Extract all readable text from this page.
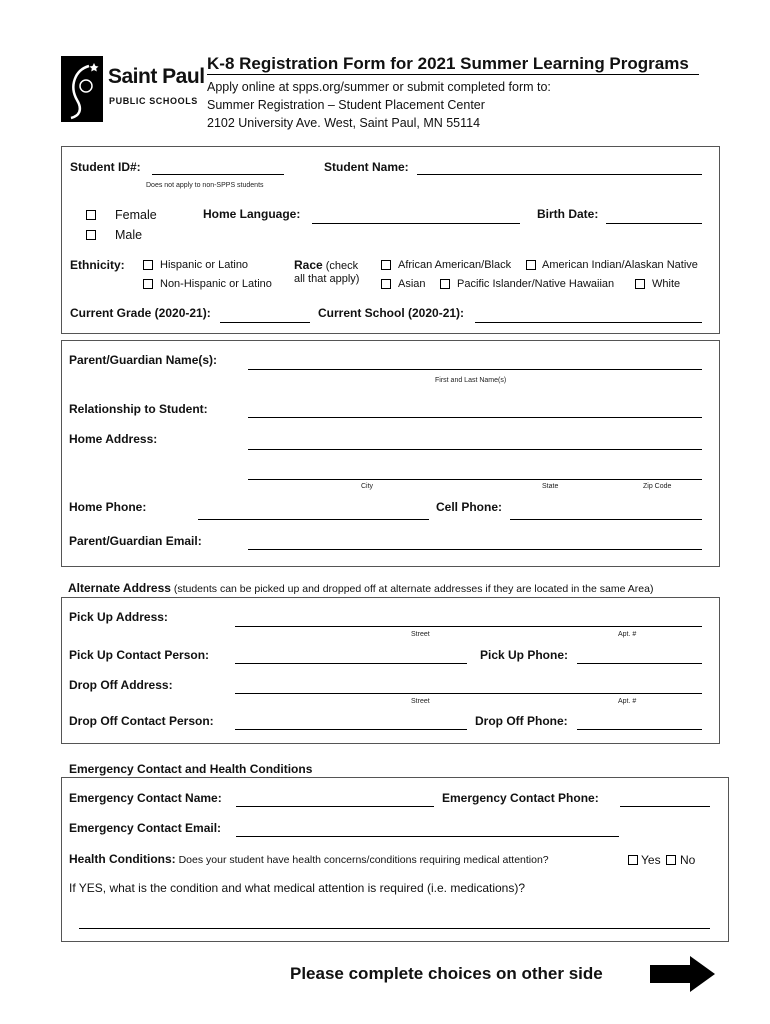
Saint Paul
PUBLIC SCHOOLS
K-8 Registration Form for 2021 Summer Learning Programs
Apply online at spps.org/summer or submit completed form to:
Summer Registration – Student Placement Center
2102 University Ave. West, Saint Paul, MN 55114
Student ID#:
Does not apply to non-SPPS students
Student Name:
Female
Male
Home Language:	Birth Date:
Ethnicity:	Hispanic or Latino
Non-Hispanic or Latino
Race (check
all that apply)
African American/Black	American Indian/Alaskan Native
Asian	Pacific Islander/Native Hawaiian	White
Current Grade (2020-21):	Current School (2020-21):
Parent/Guardian Name(s):
First and Last Name(s)
Relationship to Student:
Home Address:
City	State	Zip Code
Home Phone:	Cell Phone:
Parent/Guardian Email:
Alternate Address (students can be picked up and dropped off at alternate addresses if they are located in the same Area)
Pick Up Address:
Street	Apt. #
Pick Up Contact Person:	Pick Up Phone:
Drop Off Address:
Street	Apt. #
Drop Off Contact Person:	Drop Off Phone:
Emergency Contact and Health Conditions
Emergency Contact Name:	Emergency Contact Phone:
Emergency Contact Email:
Health Conditions: Does your student have health concerns/conditions requiring medical attention?	Yes No
If YES, what is the condition and what medical attention is required (i.e. medications)?
Please complete choices on other side
